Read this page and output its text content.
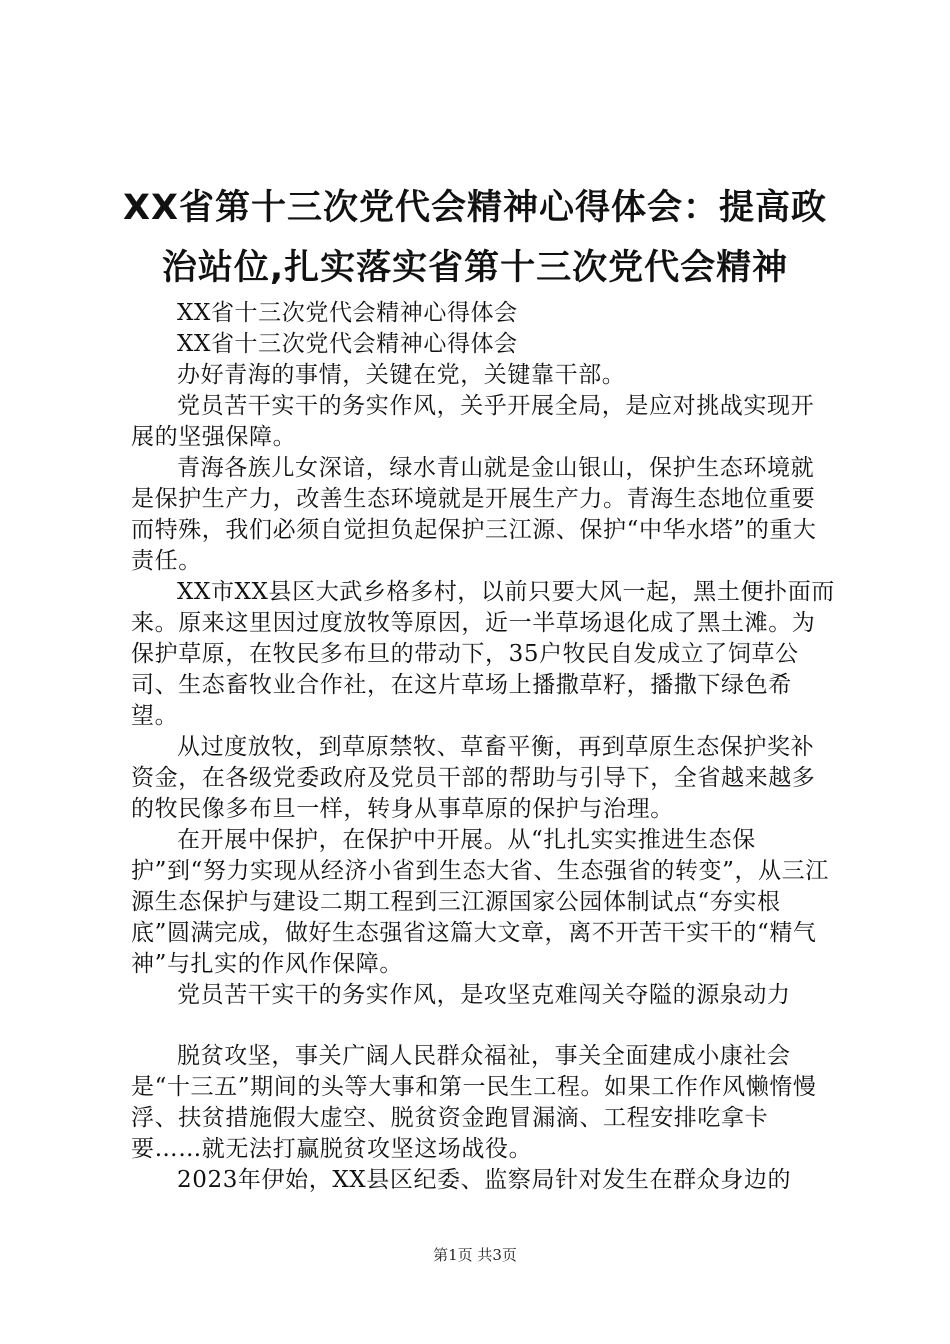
XX省第十三次党代会精神心得体会：提高政
治站位,扎实落实省第十三次党代会精神

XX省十三次党代会精神心得体会

XX省十三次党代会精神心得体会

办好青海的事情，关键在党，关键靠干部。

党员苦干实干的务实作风，关乎开展全局，是应对挑战实现开展的坚强保障。

青海各族儿女深谙，绿水青山就是金山银山，保护生态环境就是保护生产力，改善生态环境就是开展生产力。青海生态地位重要而特殊，我们必须自觉担负起保护三江源、保护“中华水塔”的重大责任。

XX市XX县区大武乡格多村，以前只要大风一起，黑土便扑面而来。原来这里因过度放牧等原因，近一半草场退化成了黑土滩。为保护草原，在牧民多布旦的带动下，35户牧民自发成立了饲草公司、生态畜牧业合作社，在这片草场上播撒草籽，播撒下绿色希望。

从过度放牧，到草原禁牧、草畜平衡，再到草原生态保护奖补资金，在各级党委政府及党员干部的帮助与引导下，全省越来越多的牧民像多布旦一样，转身从事草原的保护与治理。

在开展中保护，在保护中开展。从“扎扎实实推进生态保护”到“努力实现从经济小省到生态大省、生态强省的转变”，从三江源生态保护与建设二期工程到三江源国家公园体制试点“夯实根底”圆满完成，做好生态强省这篇大文章，离不开苦干实干的“精气神”与扎实的作风作保障。

党员苦干实干的务实作风，是攻坚克难闯关夺隘的源泉动力

脱贫攻坚，事关广阔人民群众福祉，事关全面建成小康社会是“十三五”期间的头等大事和第一民生工程。如果工作作风懒惰慢浮、扶贫措施假大虚空、脱贫资金跑冒漏滴、工程安排吃拿卡要……就无法打赢脱贫攻坚这场战役。

2023年伊始，XX县区纪委、监察局针对发生在群众身边的

第1页 共3页
